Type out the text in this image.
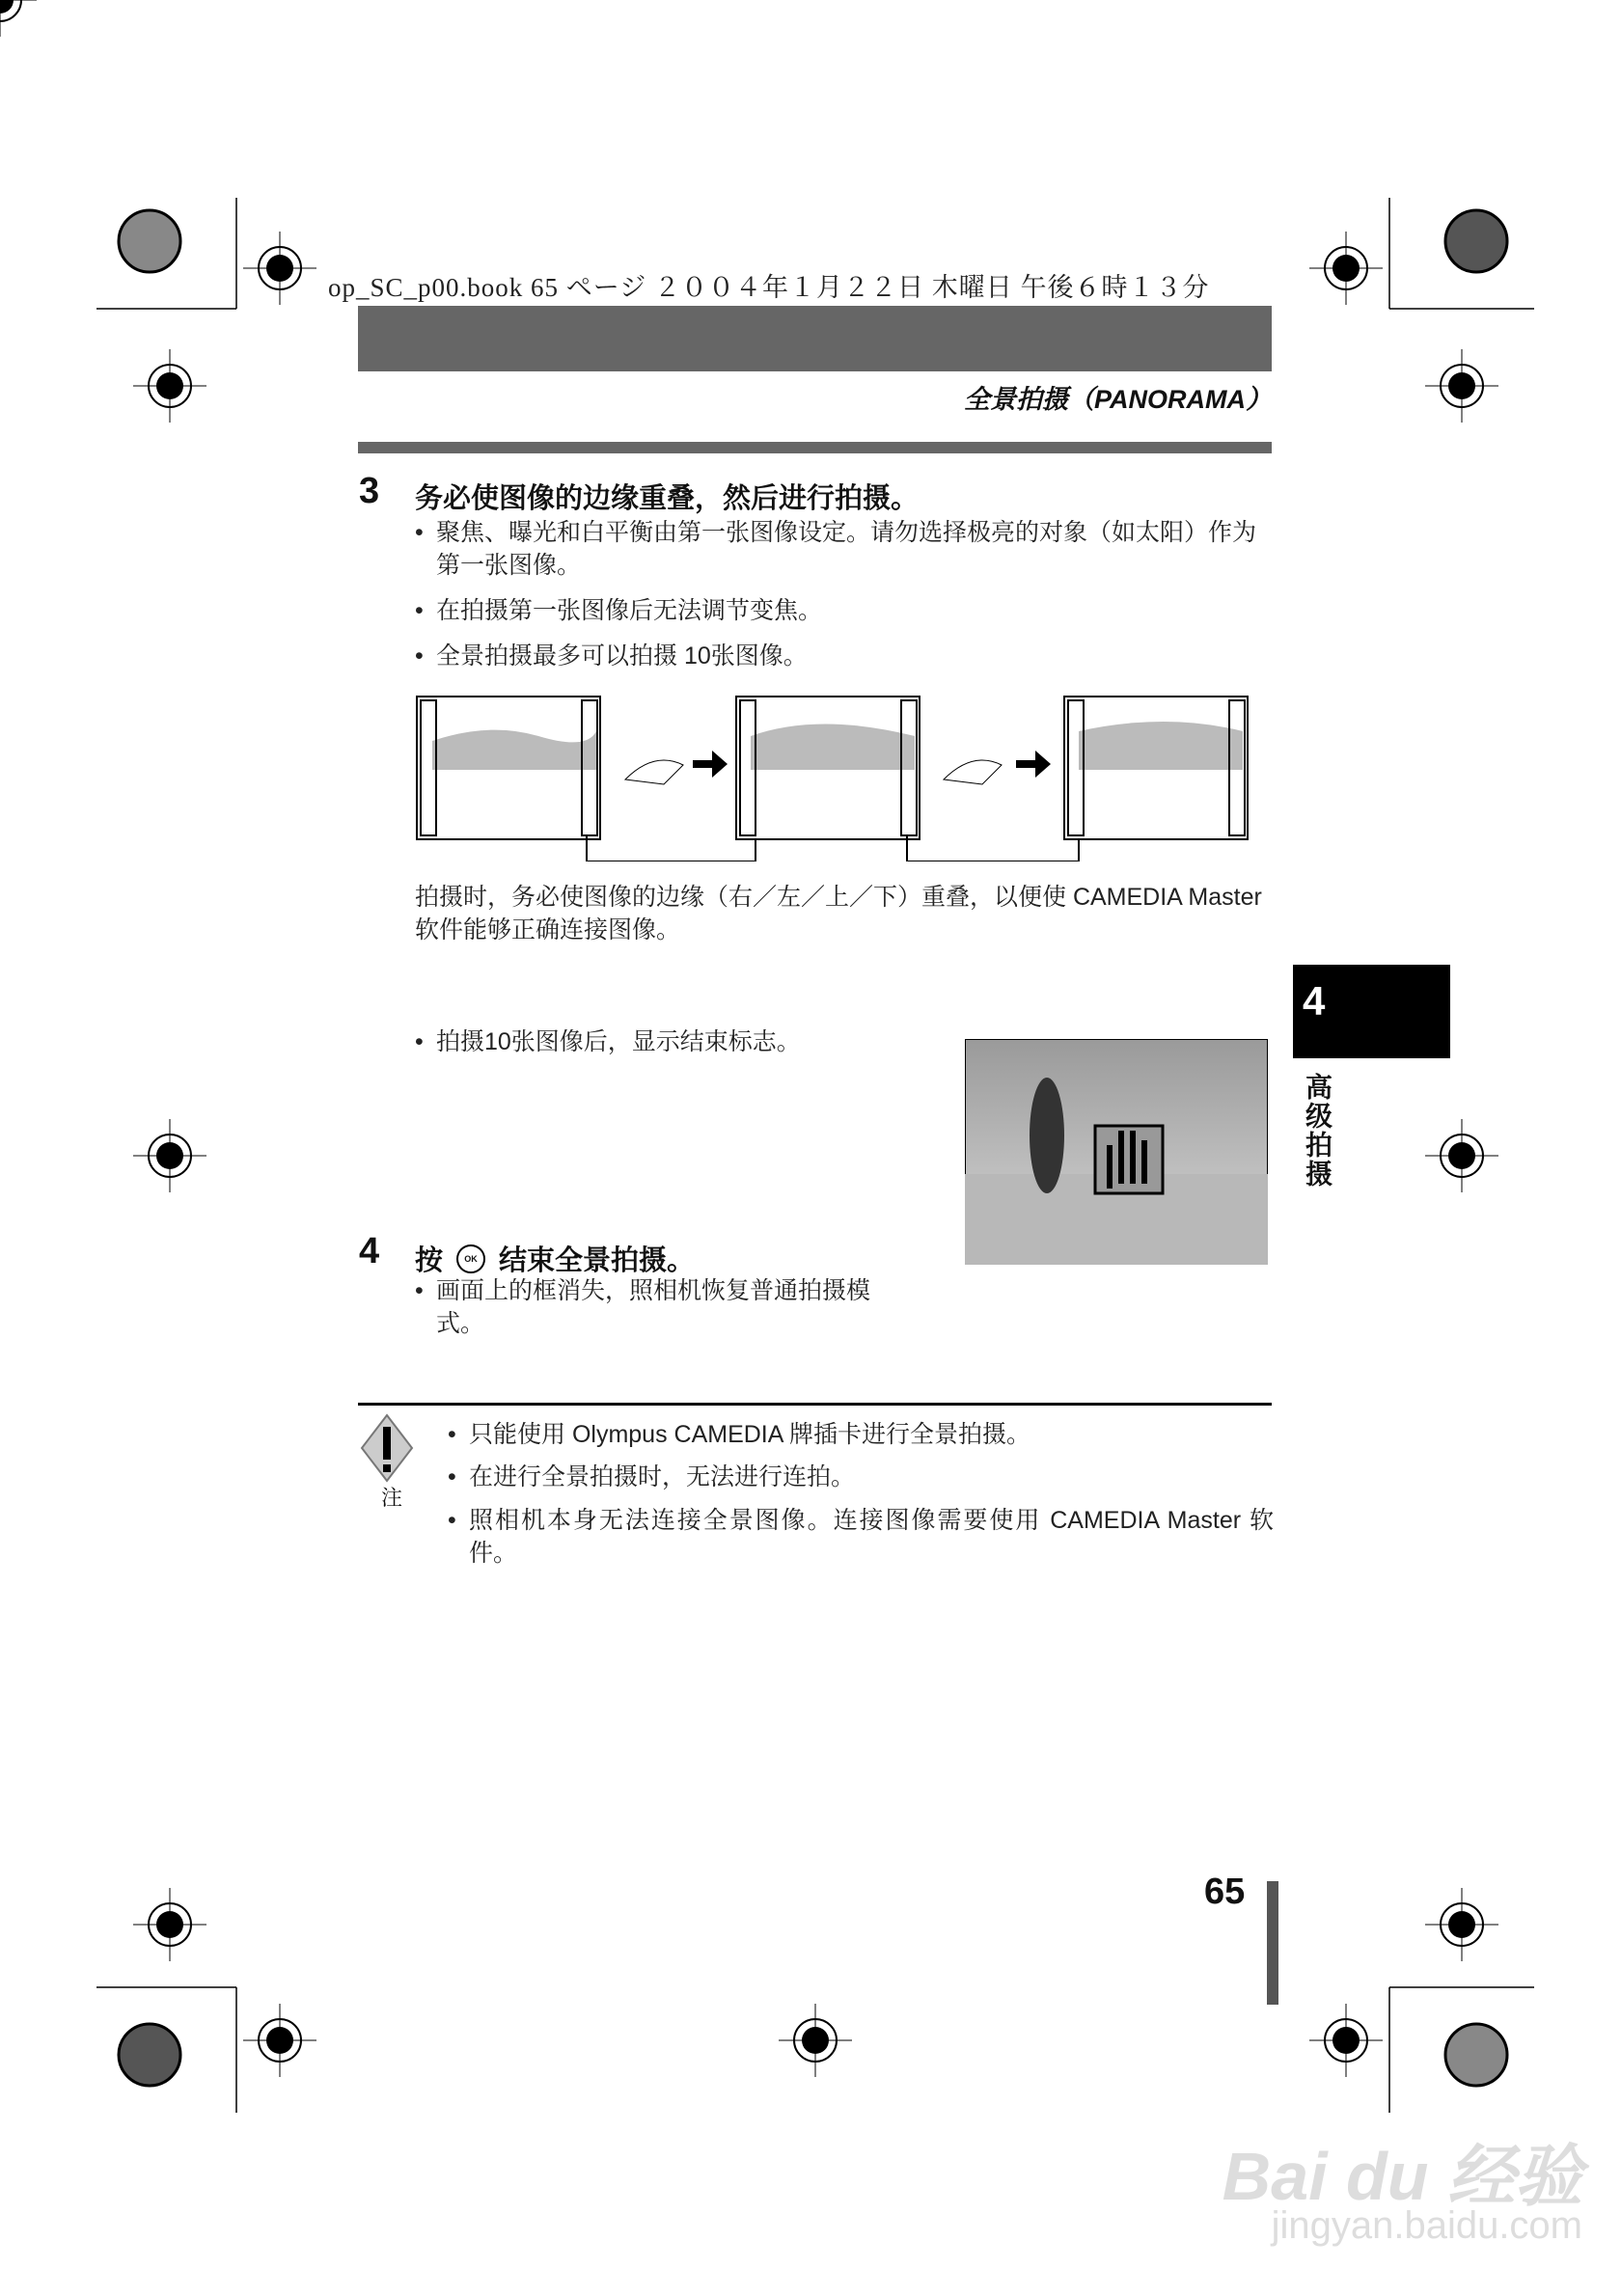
op_SC_p00.book 65 ページ ２００４年１月２２日 木曜日 午後６時１３分
全景拍摄（PANORAMA）
3 务必使图像的边缘重叠，然后进行拍摄。
• 聚焦、曝光和白平衡由第一张图像设定。请勿选择极亮的对象（如太阳）作为第一张图像。
• 在拍摄第一张图像后无法调节变焦。
• 全景拍摄最多可以拍摄 10张图像。
拍摄时，务必使图像的边缘（右／左／上／下）重叠，以便使 CAMEDIA Master 软件能够正确连接图像。
• 拍摄10张图像后，显示结束标志。
4
高级拍摄
4 按	OK 结束全景拍摄。
• 画面上的框消失，照相机恢复普通拍摄模式。
注
• 只能使用 Olympus CAMEDIA 牌插卡进行全景拍摄。
• 在进行全景拍摄时，无法进行连拍。
• 照相机本身无法连接全景图像。连接图像需要使用 CAMEDIA Master 软件。
65
Bai du 经验
jingyan.baidu.com
